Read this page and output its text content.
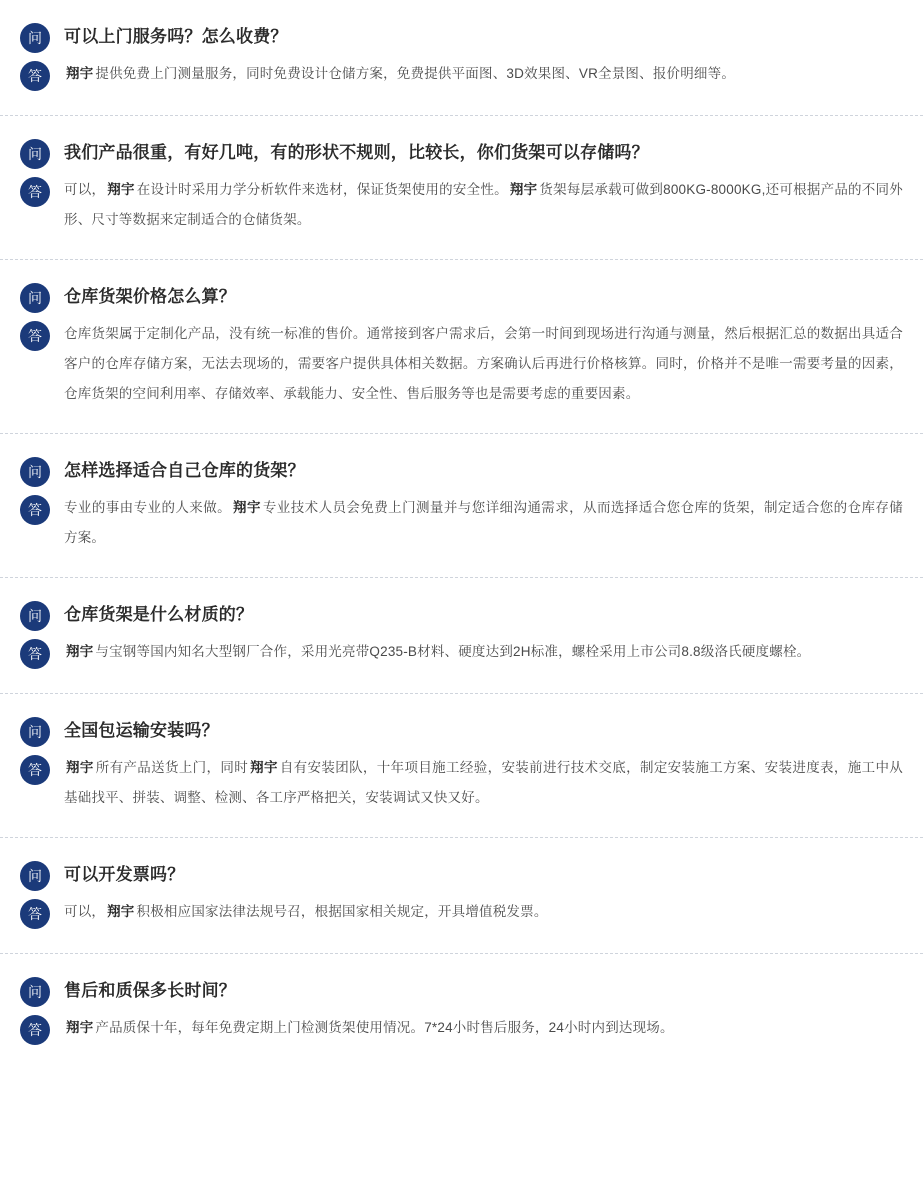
问	可以上门服务吗？怎么收费？
答	翔宇 提供免费上门测量服务，同时免费设计仓储方案，免费提供平面图、3D效果图、VR全景图、报价明细等。
问	我们产品很重，有好几吨，有的形状不规则，比较长，你们货架可以存储吗？
答	可以， 翔宇 在设计时采用力学分析软件来选材，保证货架使用的安全性。 翔宇 货架每层承载可做到800KG-8000KG,还可根据产品的不同外形、尺寸等数据来定制适合的仓储货架。
问	仓库货架价格怎么算？
答	仓库货架属于定制化产品，没有统一标准的售价。通常接到客户需求后，会第一时间到现场进行沟通与测量，然后根据汇总的数据出具适合客户的仓库存储方案，无法去现场的，需要客户提供具体相关数据。方案确认后再进行价格核算。同时，价格并不是唯一需要考量的因素，仓库货架的空间利用率、存储效率、承载能力、安全性、售后服务等也是需要考虑的重要因素。
问	怎样选择适合自己仓库的货架？
答	专业的事由专业的人来做。 翔宇 专业技术人员会免费上门测量并与您详细沟通需求，从而选择适合您仓库的货架，制定适合您的仓库存储方案。
问	仓库货架是什么材质的？
答	翔宇 与宝钢等国内知名大型钢厂合作，采用光亮带Q235-B材料、硬度达到2H标准，螺栓采用上市公司8.8级洛氏硬度螺栓。
问	全国包运输安装吗？
答	翔宇 所有产品送货上门，同时 翔宇 自有安装团队，十年项目施工经验，安装前进行技术交底，制定安装施工方案、安装进度表，施工中从基础找平、拼装、调整、检测、各工序严格把关，安装调试又快又好。
问	可以开发票吗？
答	可以， 翔宇 积极相应国家法律法规号召，根据国家相关规定，开具增值税发票。
问	售后和质保多长时间？
答	翔宇 产品质保十年，每年免费定期上门检测货架使用情况。7*24小时售后服务，24小时内到达现场。
